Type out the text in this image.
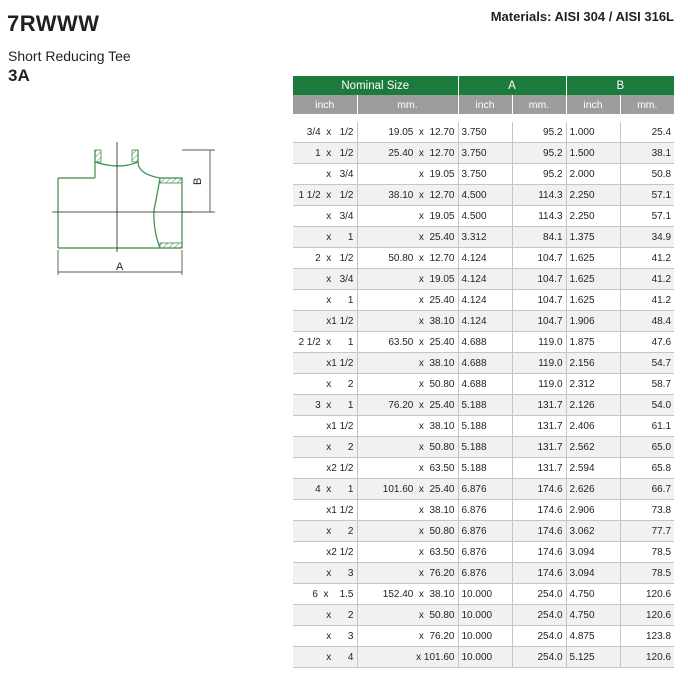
7RWWW	Materials: AISI 304 / AISI 316L
Short Reducing Tee
3A
B
A
Nominal Size		A		B	
inch	mm.	inch	mm.	inch	mm.

3/4  x   1/2	19.05  x  12.70	3.750	95.2	1.000	25.4
1  x   1/2	25.40  x  12.70	3.750	95.2	1.500	38.1
x   3/4	x  19.05	3.750	95.2	2.000	50.8
1 1/2  x   1/2	38.10  x  12.70	4.500	114.3	2.250	57.1
x   3/4	x  19.05	4.500	114.3	2.250	57.1
x      1	x  25.40	3.312	84.1	1.375	34.9
2  x   1/2	50.80  x  12.70	4.124	104.7	1.625	41.2
x   3/4	x  19.05	4.124	104.7	1.625	41.2
x      1	x  25.40	4.124	104.7	1.625	41.2
x1 1/2	x  38.10	4.124	104.7	1.906	48.4
2 1/2  x      1	63.50  x  25.40	4.688	119.0	1.875	47.6
x1 1/2	x  38.10	4.688	119.0	2.156	54.7
x      2	x  50.80	4.688	119.0	2.312	58.7
3  x      1	76.20  x  25.40	5.188	131.7	2.126	54.0
x1 1/2	x  38.10	5.188	131.7	2.406	61.1
x      2	x  50.80	5.188	131.7	2.562	65.0
x2 1/2	x  63.50	5.188	131.7	2.594	65.8
4  x      1	101.60  x  25.40	6.876	174.6	2.626	66.7
x1 1/2	x  38.10	6.876	174.6	2.906	73.8
x      2	x  50.80	6.876	174.6	3.062	77.7
x2 1/2	x  63.50	6.876	174.6	3.094	78.5
x      3	x  76.20	6.876	174.6	3.094	78.5
6  x    1.5	152.40  x  38.10	10.000	254.0	4.750	120.6
x      2	x  50.80	10.000	254.0	4.750	120.6
x      3	x  76.20	10.000	254.0	4.875	123.8
x      4	x 101.60	10.000	254.0	5.125	120.6
